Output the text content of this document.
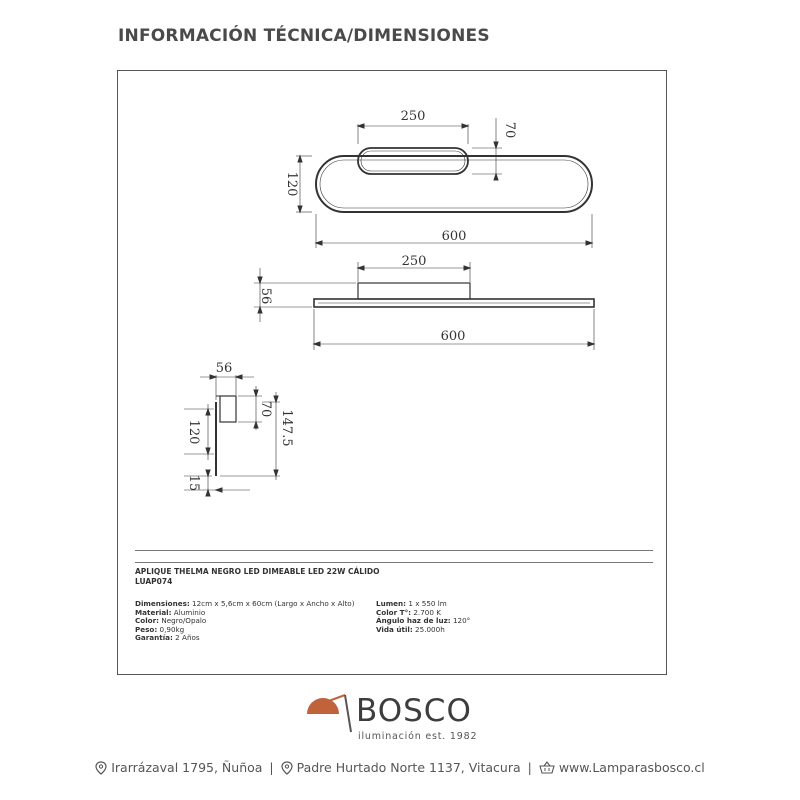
INFORMACIÓN TÉCNICA/DIMENSIONES
250
70
120
600
250
56
600
56
70
147.5
120
15
APLIQUE THELMA NEGRO LED DIMEABLE LED 22W CÁLIDO
LUAP074
Dimensiones: 12cm x 5,6cm x 60cm (Largo x Ancho x Alto)
Material: Aluminio
Color: Negro/Opalo
Peso: 0,90kg
Garantía: 2 Años
Lumen: 1 x 550 lm
Color T°: 2.700 K
Ángulo haz de luz: 120°
Vida útil: 25.000h
BOSCO
iluminación est. 1982
Irarrázaval 1795, Ñuñoa | Padre Hurtado Norte 1137, Vitacura | www.Lamparasbosco.cl
